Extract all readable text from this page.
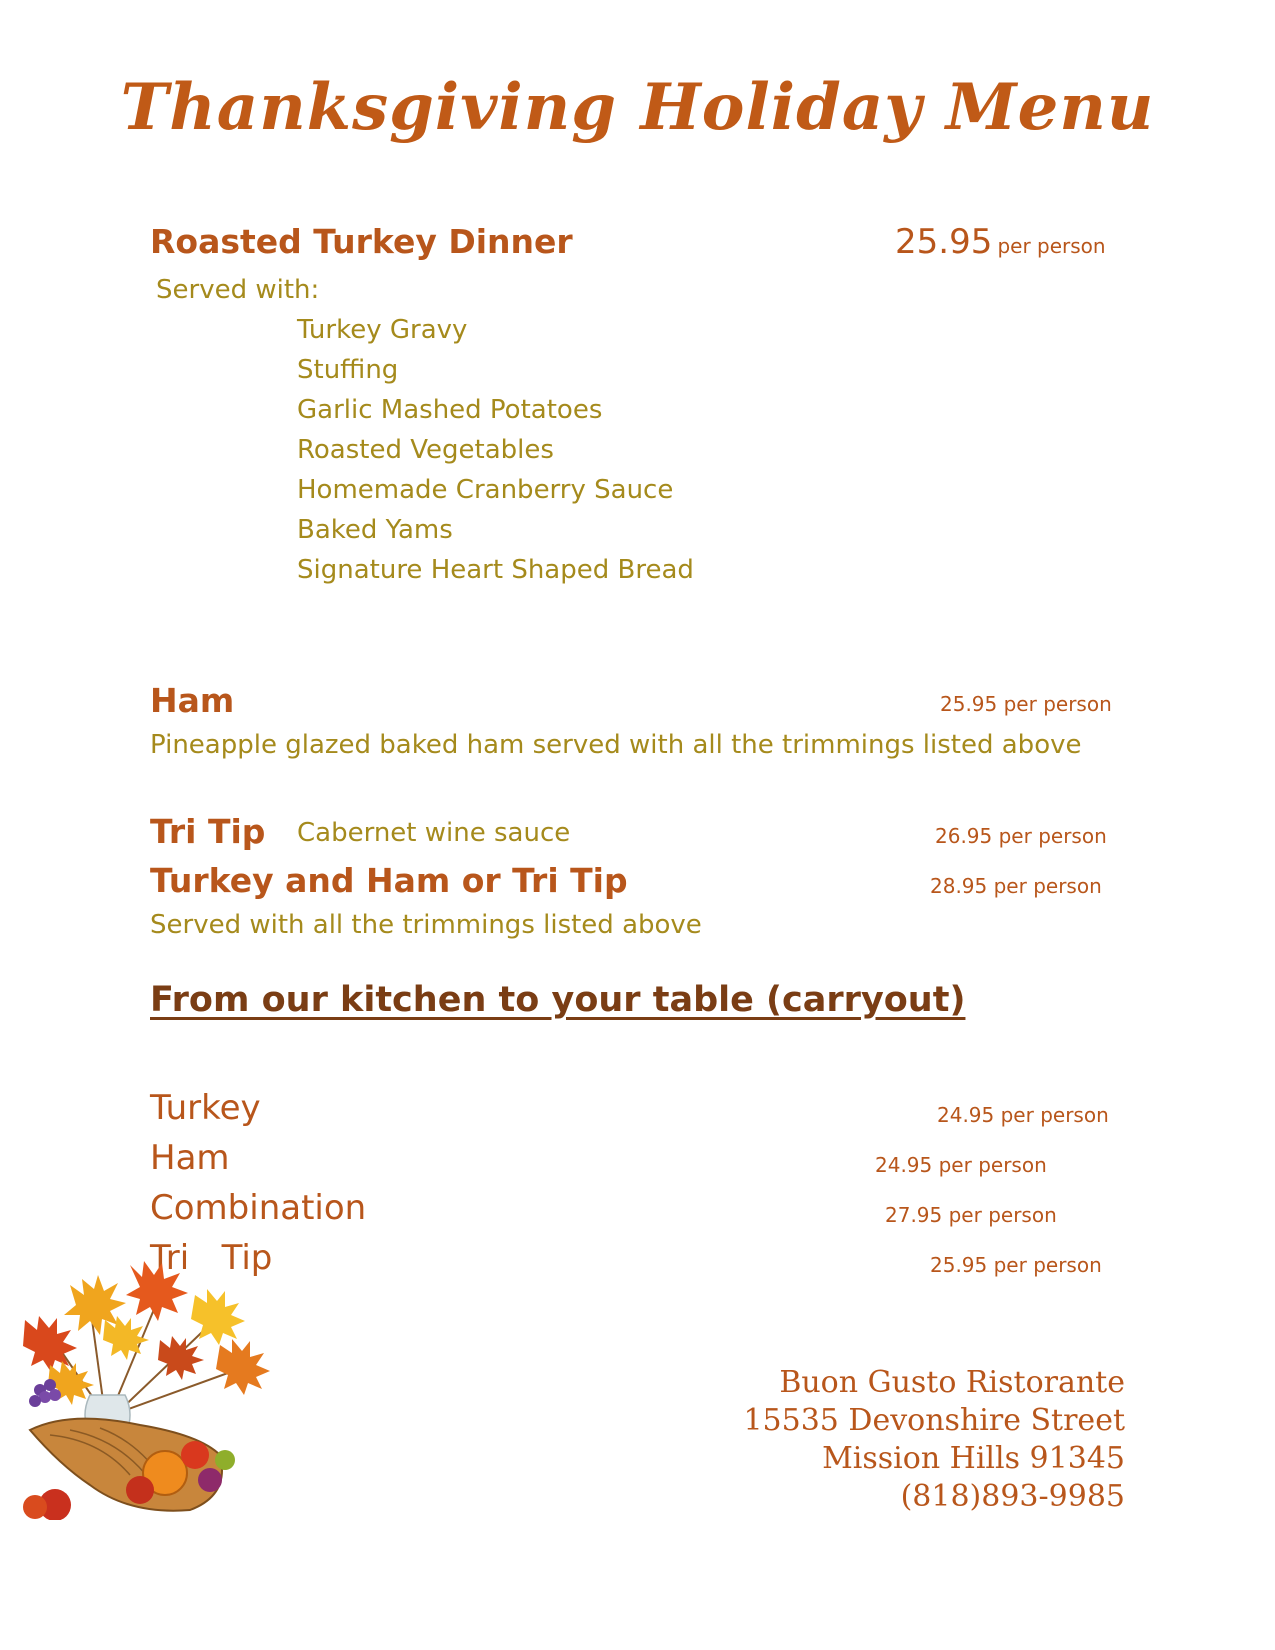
Thanksgiving Holiday Menu
Roasted Turkey Dinner	25.95 per person
Served with:
Turkey Gravy
Stuffing
Garlic Mashed Potatoes
Roasted Vegetables
Homemade Cranberry Sauce
Baked Yams
Signature Heart Shaped Bread
Ham	25.95 per person
Pineapple glazed baked ham served with all the trimmings listed above
Tri Tip Cabernet wine sauce	26.95 per person
Turkey and Ham or Tri Tip	28.95 per person
Served with all the trimmings listed above
From our kitchen to your table (carryout)
Turkey	24.95 per person
Ham	24.95 per person
Combination	27.95 per person
Tri   Tip	25.95 per person
Buon Gusto Ristorante
15535 Devonshire Street
Mission Hills 91345
(818)893-9985
